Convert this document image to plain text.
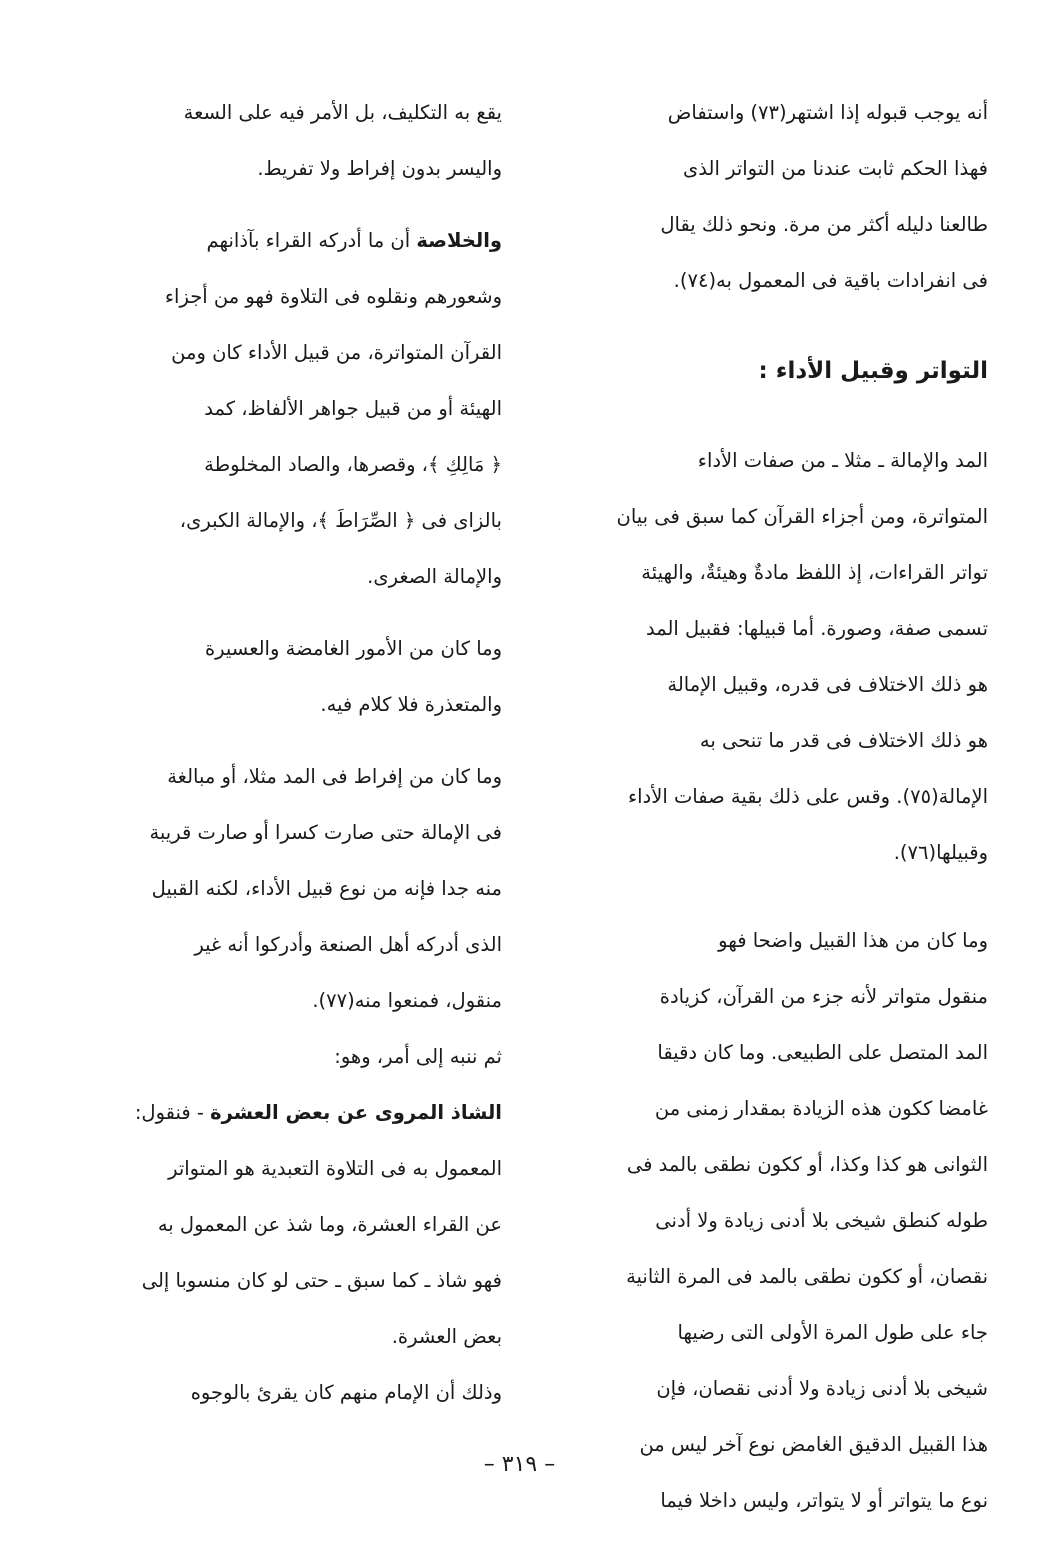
أنه يوجب قبوله إذا اشتهر(٧٣) واستفاض
فهذا الحكم ثابت عندنا من التواتر الذى
طالعنا دليله أكثر من مرة. ونحو ذلك يقال
فى انفرادات باقية فى المعمول به(٧٤).

التواتر وقبيل الأداء :

المد والإمالة ـ مثلا ـ من صفات الأداء
المتواترة، ومن أجزاء القرآن كما سبق فى بيان
تواتر القراءات، إذ اللفظ مادةٌ وهيئةٌ، والهيئة
تسمى صفة، وصورة. أما قبيلها: فقبيل المد
هو ذلك الاختلاف فى قدره، وقبيل الإمالة
هو ذلك الاختلاف فى قدر ما تنحى به
الإمالة(٧٥). وقس على ذلك بقية صفات الأداء
وقبيلها(٧٦).

وما كان من هذا القبيل واضحا فهو
منقول متواتر لأنه جزء من القرآن، كزيادة
المد المتصل على الطبيعى. وما كان دقيقا
غامضا ككون هذه الزيادة بمقدار زمنى من
الثوانى هو كذا وكذا، أو ككون نطقى بالمد فى
طوله كنطق شيخى بلا أدنى زيادة ولا أدنى
نقصان، أو ككون نطقى بالمد فى المرة الثانية
جاء على طول المرة الأولى التى رضيها
شيخى بلا أدنى زيادة ولا أدنى نقصان، فإن
هذا القبيل الدقيق الغامض نوع آخر ليس من
نوع ما يتواتر أو لا يتواتر، وليس داخلا فيما

يقع به التكليف، بل الأمر فيه على السعة
واليسر بدون إفراط ولا تفريط.

والخلاصة أن ما أدركه القراء بآذانهم
وشعورهم ونقلوه فى التلاوة فهو من أجزاء
القرآن المتواترة، من قبيل الأداء كان ومن
الهيئة أو من قبيل جواهر الألفاظ، كمد
﴿ مَالِكِ ﴾، وقصرها، والصاد المخلوطة
بالزاى فى ﴿ الصِّرَاطَ ﴾، والإمالة الكبرى،
والإمالة الصغرى.

وما كان من الأمور الغامضة والعسيرة
والمتعذرة فلا كلام فيه.

وما كان من إفراط فى المد مثلا، أو مبالغة
فى الإمالة حتى صارت كسرا أو صارت قريبة
منه جدا فإنه من نوع قبيل الأداء، لكنه القبيل
الذى أدركه أهل الصنعة وأدركوا أنه غير
منقول، فمنعوا منه(٧٧).

ثم ننبه إلى أمر، وهو:

الشاذ المروى عن بعض العشرة - فنقول:

المعمول به فى التلاوة التعبدية هو المتواتر
عن القراء العشرة، وما شذ عن المعمول به
فهو شاذ ـ كما سبق ـ حتى لو كان منسوبا إلى
بعض العشرة.

وذلك أن الإمام منهم كان يقرئ بالوجوه

– ٣١٩ –
